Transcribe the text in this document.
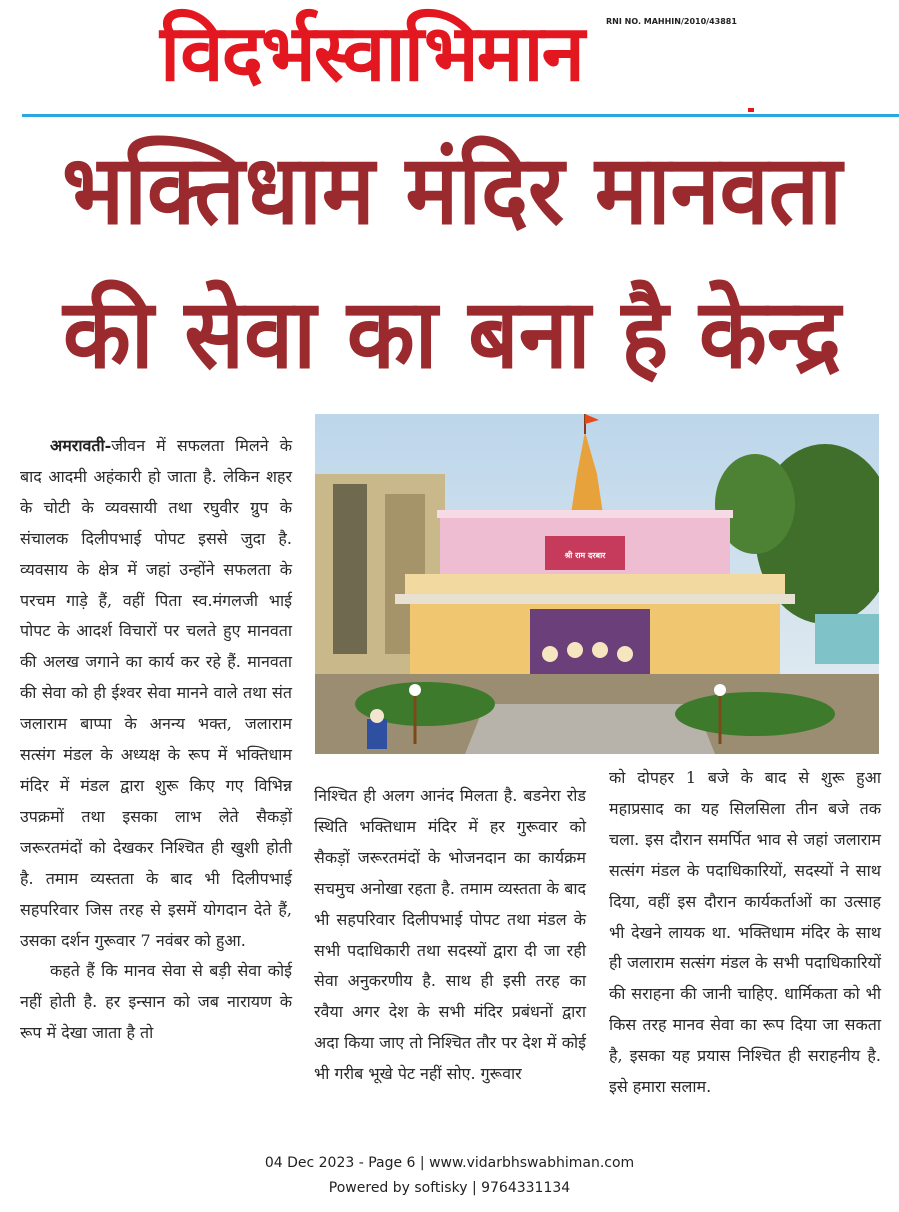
विदर्भस्वाभिमान	RNI NO. MAHHIN/2010/43881
भक्तिधाम मंदिर मानवता
की सेवा का बना है केन्द्र
श्री राम दरबार

अमरावती-जीवन में सफलता मिलने के बाद आदमी अहंकारी हो जाता है. लेकिन शहर के चोटी के व्यवसायी तथा रघुवीर ग्रुप के संचालक दिलीपभाई पोपट इससे जुदा है. व्यवसाय के क्षेत्र में जहां उन्होंने सफलता के परचम गाड़े हैं, वहीं पिता स्व.मंगलजी भाई पोपट के आदर्श विचारों पर चलते हुए मानवता की अलख जगाने का कार्य कर रहे हैं. मानवता की सेवा को ही ईश्वर सेवा मानने वाले तथा संत जलाराम बाप्पा के अनन्य भक्त, जलाराम सत्संग मंडल के अध्यक्ष के रूप में भक्तिधाम मंदिर में मंडल द्वारा शुरू किए गए विभिन्न उपक्रमों तथा इसका लाभ लेते सैकड़ों जरूरतमंदों को देखकर निश्चित ही खुशी होती है. तमाम व्यस्तता के बाद भी दिलीपभाई सहपरिवार जिस तरह से इसमें योगदान देते हैं, उसका दर्शन गुरूवार 7 नवंबर को हुआ.

कहते हैं कि मानव सेवा से बड़ी सेवा कोई नहीं होती है. हर इन्सान को जब नारायण के रूप में देखा जाता है तो

निश्चित ही अलग आनंद मिलता है. बडनेरा रोड स्थिति भक्तिधाम मंदिर में हर गुरूवार को सैकड़ों जरूरतमंदों के भोजनदान का कार्यक्रम सचमुच अनोखा रहता है. तमाम व्यस्तता के बाद भी सहपरिवार दिलीपभाई पोपट तथा मंडल के सभी पदाधिकारी तथा सदस्यों द्वारा दी जा रही सेवा अनुकरणीय है. साथ ही इसी तरह का रवैया अगर देश के सभी मंदिर प्रबंधनों द्वारा अदा किया जाए तो निश्चित तौर पर देश में कोई भी गरीब भूखे पेट नहीं सोए. गुरूवार

को दोपहर 1 बजे के बाद से शुरू हुआ महाप्रसाद का यह सिलसिला तीन बजे तक चला. इस दौरान समर्पित भाव से जहां जलाराम सत्संग मंडल के पदाधिकारियों, सदस्यों ने साथ दिया, वहीं इस दौरान कार्यकर्ताओं का उत्साह भी देखने लायक था. भक्तिधाम मंदिर के साथ ही जलाराम सत्संग मंडल के सभी पदाधिकारियों की सराहना की जानी चाहिए. धार्मिकता को भी किस तरह मानव सेवा का रूप दिया जा सकता है, इसका यह प्रयास निश्चित ही सराहनीय है. इसे हमारा सलाम.

04 Dec 2023 - Page 6 | www.vidarbhswabhiman.com
Powered by softisky | 9764331134
